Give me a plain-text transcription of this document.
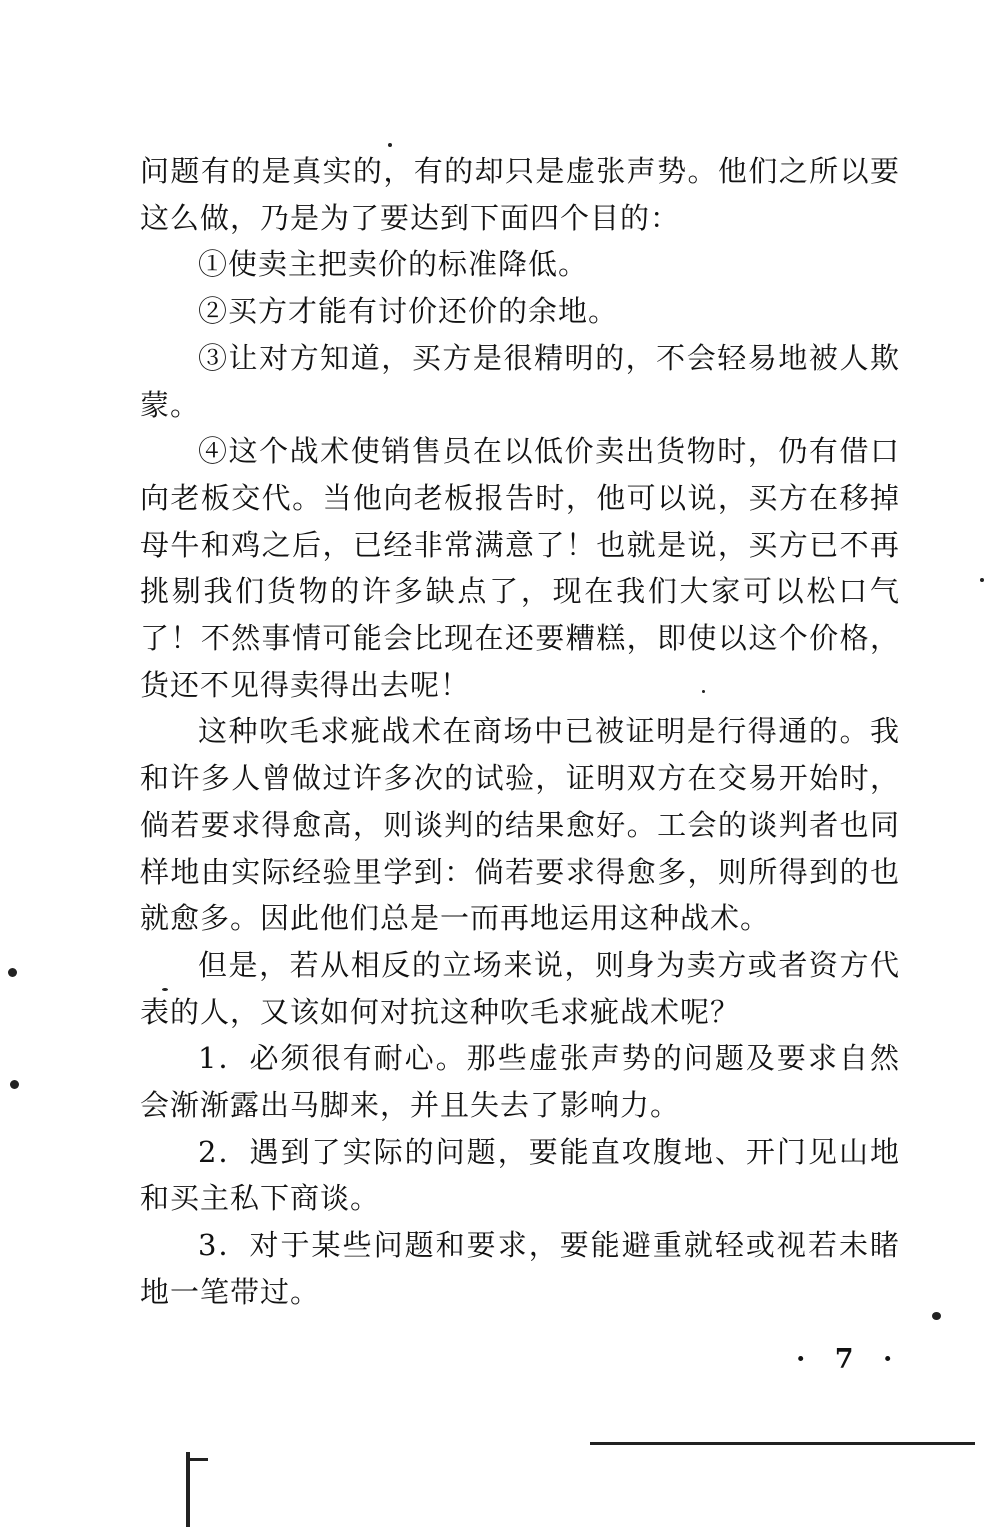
问题有的是真实的，有的却只是虚张声势。他们之所以要这么做，乃是为了要达到下面四个目的：

①使卖主把卖价的标准降低。

②买方才能有讨价还价的余地。

③让对方知道，买方是很精明的，不会轻易地被人欺蒙。

④这个战术使销售员在以低价卖出货物时，仍有借口向老板交代。当他向老板报告时，他可以说，买方在移掉母牛和鸡之后，已经非常满意了！也就是说，买方已不再挑剔我们货物的许多缺点了，现在我们大家可以松口气了！不然事情可能会比现在还要糟糕，即使以这个价格，货还不见得卖得出去呢！

这种吹毛求疵战术在商场中已被证明是行得通的。我和许多人曾做过许多次的试验，证明双方在交易开始时，倘若要求得愈高，则谈判的结果愈好。工会的谈判者也同样地由实际经验里学到：倘若要求得愈多，则所得到的也就愈多。因此他们总是一而再地运用这种战术。

但是，若从相反的立场来说，则身为卖方或者资方代表的人，又该如何对抗这种吹毛求疵战术呢？

1．必须很有耐心。那些虚张声势的问题及要求自然会渐渐露出马脚来，并且失去了影响力。

2．遇到了实际的问题，要能直攻腹地、开门见山地和买主私下商谈。

3．对于某些问题和要求，要能避重就轻或视若未睹地一笔带过。

· 7 ·
